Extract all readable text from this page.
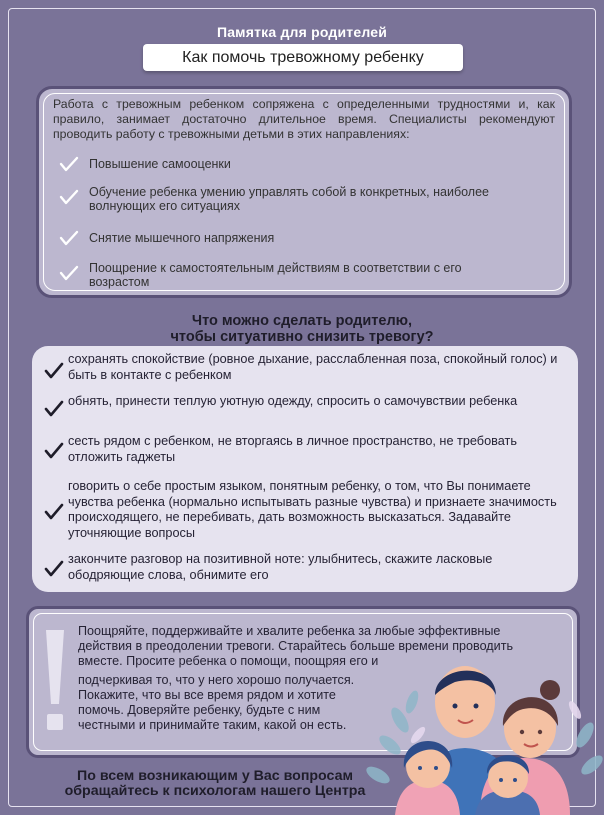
Памятка для родителей
Как помочь тревожному ребенку
Работа с тревожным ребенком сопряжена с определенными трудностями и, как правило, занимает достаточно длительное время. Специалисты рекомендуют проводить работу с тревожными детьми в этих направлениях:
Повышение самооценки
Обучение ребенка умению управлять собой в конкретных, наиболее волнующих его ситуациях
Снятие мышечного напряжения
Поощрение к самостоятельным действиям в соответствии с его возрастом
Что можно сделать родителю,
чтобы ситуативно снизить тревогу?
сохранять спокойствие (ровное дыхание, расслабленная поза, спокойный голос) и быть в контакте с ребенком
обнять, принести теплую уютную одежду, спросить о самочувствии ребенка
сесть рядом с ребенком, не вторгаясь в личное пространство, не требовать отложить гаджеты
говорить о себе простым языком, понятным ребенку, о том, что Вы понимаете чувства ребенка (нормально испытывать разные чувства) и признаете значимость происходящего, не перебивать, дать возможность высказаться. Задавайте уточняющие вопросы
закончите разговор на позитивной ноте: улыбнитесь, скажите ласковые ободряющие слова, обнимите его
Поощряйте, поддерживайте и хвалите ребенка за любые эффективные
действия в преодолении тревоги. Старайтесь больше времени проводить
вместе. Просите ребенка о помощи, поощряя его и
подчеркивая то, что у него хорошо получается.
Покажите, что вы все время рядом и хотите
помочь. Доверяйте ребенку, будьте с ним
честными и принимайте таким, какой он есть.
По всем возникающим у Вас вопросам
обращайтесь к психологам нашего Центра
